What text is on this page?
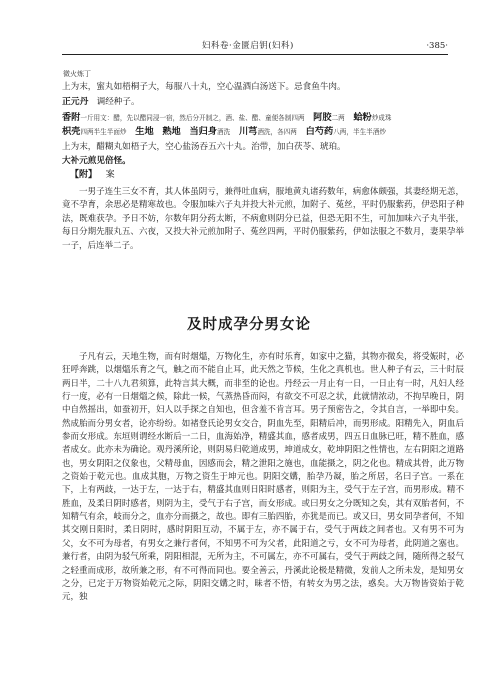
妇科卷·金匮启钥(妇科)	·385·
微火炼丁
上为末，蜜丸如梧桐子大，每服八十丸，空心温酒白汤送下。忌食鱼牛肉。
正元丹 调经种子。
香附一斤用文：醋，先以醋同浸一宿，然后分开制之，酒、盐、醋、童便各制四两 阿胶二两 蛤粉炒成珠
枳壳四两半生半面炒 生地 熟地 当归身酒洗 川芎酒洗，各四两 白芍药八两，半生半酒炒
上为末，醋糊丸如梧子大，空心盐汤吞五六十丸。治带，加白茯苓、琥珀。
大补元煎见倍怪。
【附】 案

一男子连生三女不育，其人体虽阴亏，兼得吐血病，服地黄丸诸药数年，病愈体颇强，其妻经期无恙，竟不孕育，余思必是精寒故也。令服加味六子丸并投大补元煎，加附子、菟丝，平时仍服紫药，伊恐阳子种法，既难获孕。予日不妨，尔数年阴分药太断，不病愈则阴分已益，但恐无阳不生，可加加味六子丸半张，每日分期先服丸五、六夜，又投大补元煎加附子、菟丝四两，平时仍服紫药，伊如法服之不数月，妻果孕举一子，后连举二子。

及时成孕分男女论

子凡有云，天地生物，而有时烟熅，万物化生，亦有时乐育，如家中之猫，其物亦微矣，将受娠时，必狂呼奔跳，以烟熅乐育之气，触之而不能自止耳，此天然之节候，生化之真机也。世人种子有云，三十时辰两日半，二十八九君须算，此特言其大概，而非至的论也。丹经云一月止有一日，一日止有一时，凡妇人经行一度，必有一日烟熅之候，除此一候，气蒸热昏而闷，有欲交不可忍之状，此就情浓动，不拘早晚日，阴中自然摇出，如蚕初开，妇人以手探之自知也，但含羞不肯言耳。男子预密告之，令其自言，一举即中矣。然成胎而分男女者，论亦纷纷。如褚登氏论男女交合，阴血先至，阳精后冲，而男形成。阳精先入，阴血后参而女形成。东垣则谓经水断后一二日，血海始净，精盛其血，感者成男，四五日血脉已旺，精不胜血，感者成女。此亦未为确论。观丹溪所论，则阴易归乾道成男，坤道成女，乾坤阴阳之性情也，左右阴阳之道路也，男女阴阳之仪象也，父精母血，因感而会，精之泄阳之施也，血能摄之，阴之化也。精成其骨，此万物之资始于乾元也。血成其胞，万物之资生于坤元也。阴阳交媾，胎孕乃凝，胎之所居，名曰子宫。一系在下，上有两歧，一达于左，一达于右，精盛其血则日阳时感者，则阳为主，受气于左子宫，而男形成。精不胜血，及柔日阴时感者，则阴为主，受气于右子宫，而女形成。或曰男女之分既知之矣，其有双胎者何，不知精气有余，岐而分之，血亦分而摄之，故也。即有三胎四胎，亦犹是而已。或又曰，男女同孕者何，不知其交刚日阳时，柔日阴时，感时阴阳互动，不属于左，亦不属于右，受气于两歧之间者也。又有男不可为父，女不可为母者，有男女之兼行者何，不知男不可为父者，此阳道之亏，女不可为母者，此阴道之塞也。兼行者，由阴为驳气所乘，阴阳相混，无所为主，不可属左，亦不可属右，受气于两歧之间，随所得之驳气之轻重而成形，故所兼之形，有不可得而同也。要全善云，丹溪此论极是精微，发前人之所未发，是知男女之分，已定于万物资始乾元之际，阴阳交媾之时，昧者不悟，有转女为男之法，惑矣。大万物皆资始于乾元，独
